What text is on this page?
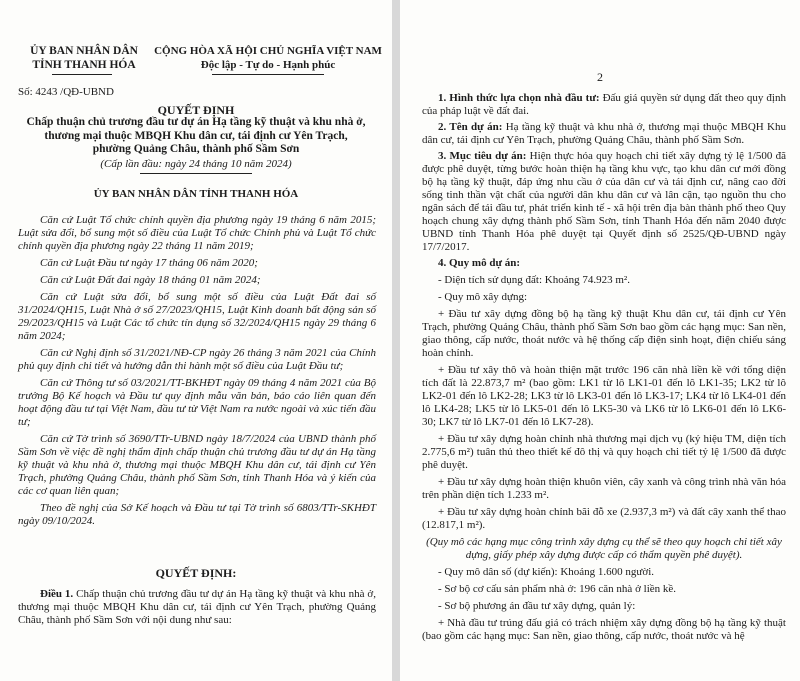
ỦY BAN NHÂN DÂN
TỈNH THANH HÓA
Số: 4243 /QĐ-UBND
CỘNG HÒA XÃ HỘI CHỦ NGHĨA VIỆT NAM
Độc lập - Tự do - Hạnh phúc
QUYẾT ĐỊNH
Chấp thuận chủ trương đầu tư dự án Hạ tầng kỹ thuật và khu nhà ở,
thương mại thuộc MBQH Khu dân cư, tái định cư Yên Trạch,
phường Quảng Châu, thành phố Sầm Sơn
(Cấp lần đầu: ngày 24 tháng 10 năm 2024)
ỦY BAN NHÂN DÂN TỈNH THANH HÓA

Căn cứ Luật Tổ chức chính quyền địa phương ngày 19 tháng 6 năm 2015; Luật sửa đổi, bổ sung một số điều của Luật Tổ chức Chính phủ và Luật Tổ chức chính quyền địa phương ngày 22 tháng 11 năm 2019;

Căn cứ Luật Đầu tư ngày 17 tháng 06 năm 2020;

Căn cứ Luật Đất đai ngày 18 tháng 01 năm 2024;

Căn cứ Luật sửa đổi, bổ sung một số điều của Luật Đất đai số 31/2024/QH15, Luật Nhà ở số 27/2023/QH15, Luật Kinh doanh bất động sản số 29/2023/QH15 và Luật Các tổ chức tín dụng số 32/2024/QH15 ngày 29 tháng 6 năm 2024;

Căn cứ Nghị định số 31/2021/NĐ-CP ngày 26 tháng 3 năm 2021 của Chính phủ quy định chi tiết và hướng dẫn thi hành một số điều của Luật Đầu tư;

Căn cứ Thông tư số 03/2021/TT-BKHĐT ngày 09 tháng 4 năm 2021 của Bộ trưởng Bộ Kế hoạch và Đầu tư quy định mẫu văn bản, báo cáo liên quan đến hoạt động đầu tư tại Việt Nam, đầu tư từ Việt Nam ra nước ngoài và xúc tiến đầu tư;

Căn cứ Tờ trình số 3690/TTr-UBND ngày 18/7/2024 của UBND thành phố Sầm Sơn về việc đề nghị thẩm định chấp thuận chủ trương đầu tư dự án Hạ tầng kỹ thuật và khu nhà ở, thương mại thuộc MBQH Khu dân cư, tái định cư Yên Trạch, phường Quảng Châu, thành phố Sầm Sơn, tỉnh Thanh Hóa và ý kiến của các cơ quan liên quan;

Theo đề nghị của Sở Kế hoạch và Đầu tư tại Tờ trình số 6803/TTr-SKHĐT ngày 09/10/2024.

QUYẾT ĐỊNH:

Điều 1. Chấp thuận chủ trương đầu tư dự án Hạ tầng kỹ thuật và khu nhà ở, thương mại thuộc MBQH Khu dân cư, tái định cư Yên Trạch, phường Quảng Châu, thành phố Sầm Sơn với nội dung như sau:

2

1. Hình thức lựa chọn nhà đầu tư: Đấu giá quyền sử dụng đất theo quy định của pháp luật về đất đai.

2. Tên dự án: Hạ tầng kỹ thuật và khu nhà ở, thương mại thuộc MBQH Khu dân cư, tái định cư Yên Trạch, phường Quảng Châu, thành phố Sầm Sơn.

3. Mục tiêu dự án: Hiện thực hóa quy hoạch chi tiết xây dựng tỷ lệ 1/500 đã được phê duyệt, từng bước hoàn thiện hạ tầng khu vực, tạo khu dân cư mới đồng bộ hạ tầng kỹ thuật, đáp ứng nhu cầu ở của dân cư và tái định cư, nâng cao đời sống tinh thần vật chất của người dân khu dân cư và lân cận, tạo nguồn thu cho ngân sách để tái đầu tư, phát triển kinh tế - xã hội trên địa bàn thành phố theo Quy hoạch chung xây dựng thành phố Sầm Sơn, tỉnh Thanh Hóa đến năm 2040 được UBND tỉnh Thanh Hóa phê duyệt tại Quyết định số 2525/QĐ-UBND ngày 17/7/2017.

4. Quy mô dự án:

- Diện tích sử dụng đất: Khoảng 74.923 m².

- Quy mô xây dựng:

+ Đầu tư xây dựng đồng bộ hạ tầng kỹ thuật Khu dân cư, tái định cư Yên Trạch, phường Quảng Châu, thành phố Sầm Sơn bao gồm các hạng mục: San nền, giao thông, cấp nước, thoát nước và hệ thống cấp điện sinh hoạt, điện chiếu sáng hoàn chỉnh.

+ Đầu tư xây thô và hoàn thiện mặt trước 196 căn nhà liền kề với tổng diện tích đất là 22.873,7 m² (bao gồm: LK1 từ lô LK1-01 đến lô LK1-35; LK2 từ lô LK2-01 đến lô LK2-28; LK3 từ lô LK3-01 đến lô LK3-17; LK4 từ lô LK4-01 đến lô LK4-28; LK5 từ lô LK5-01 đến lô LK5-30 và LK6 từ lô LK6-01 đến lô LK6-30; LK7 từ lô LK7-01 đến lô LK7-28).

+ Đầu tư xây dựng hoàn chỉnh nhà thương mại dịch vụ (ký hiệu TM, diện tích 2.775,6 m²) tuân thủ theo thiết kế đô thị và quy hoạch chi tiết tỷ lệ 1/500 đã được phê duyệt.

+ Đầu tư xây dựng hoàn thiện khuôn viên, cây xanh và công trình nhà văn hóa trên phần diện tích 1.233 m².

+ Đầu tư xây dựng hoàn chỉnh bãi đỗ xe (2.937,3 m²) và đất cây xanh thể thao (12.817,1 m²).

(Quy mô các hạng mục công trình xây dựng cụ thể sẽ theo quy hoạch chi tiết xây dựng, giấy phép xây dựng được cấp có thẩm quyền phê duyệt).

- Quy mô dân số (dự kiến): Khoảng 1.600 người.

- Sơ bộ cơ cấu sản phẩm nhà ở: 196 căn nhà ở liền kề.

- Sơ bộ phương án đầu tư xây dựng, quản lý:

+ Nhà đầu tư trúng đấu giá có trách nhiệm xây dựng đồng bộ hạ tầng kỹ thuật (bao gồm các hạng mục: San nền, giao thông, cấp nước, thoát nước và hệ
